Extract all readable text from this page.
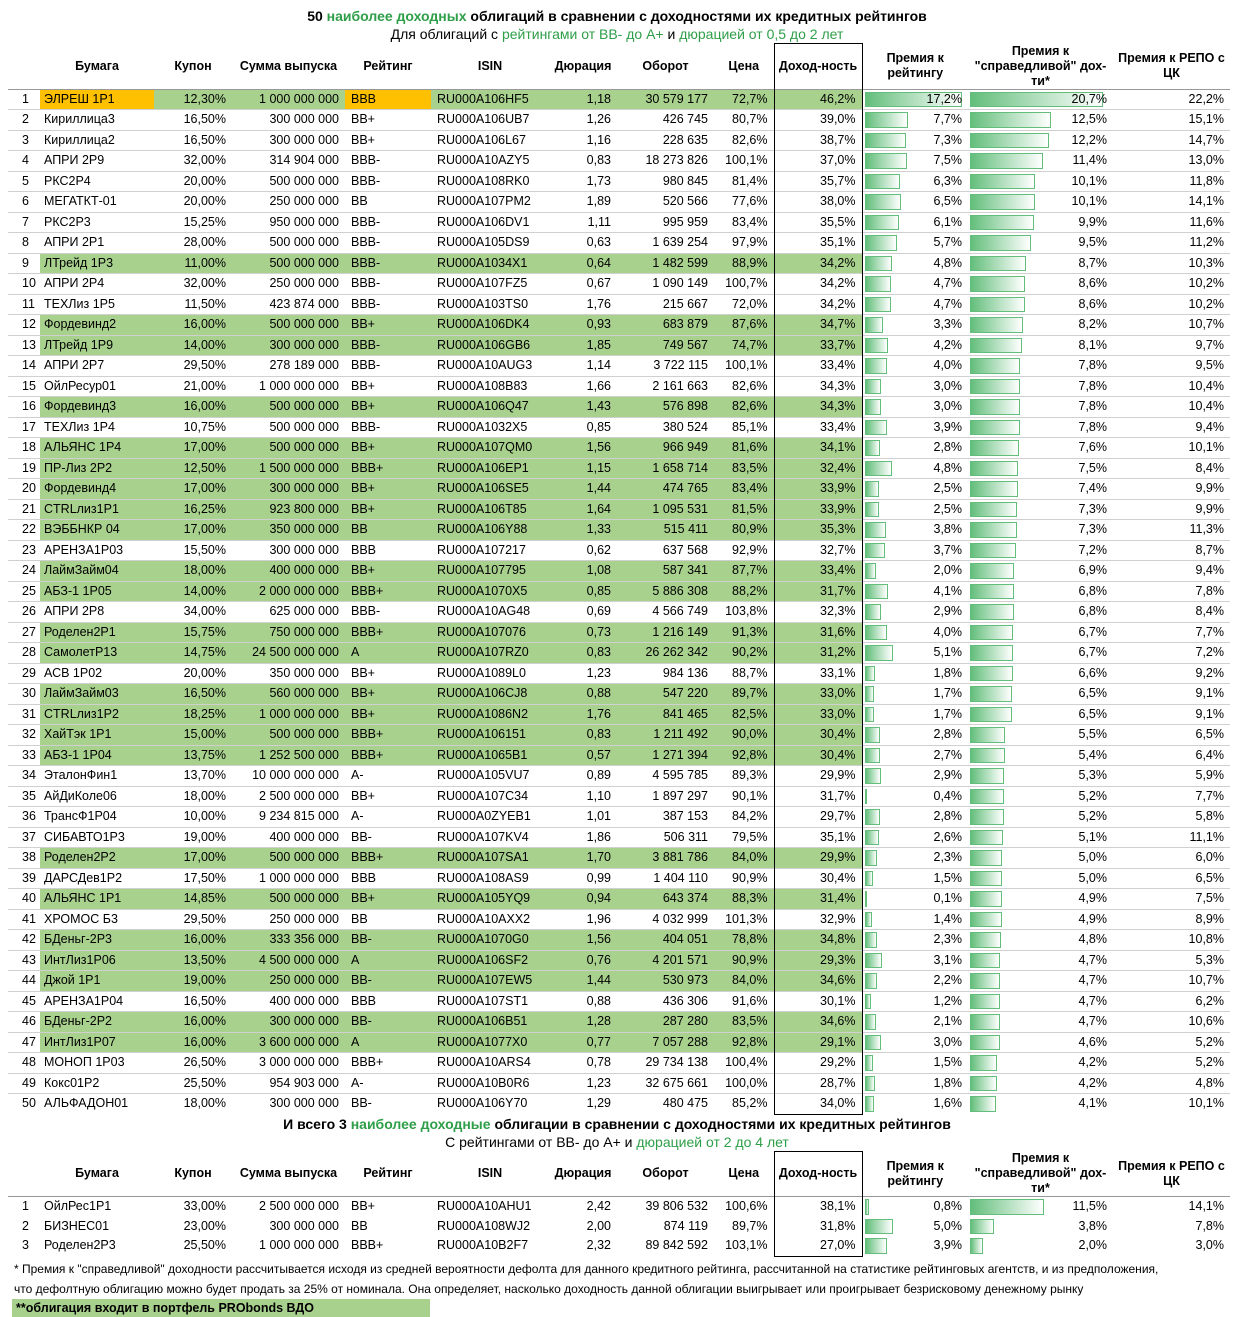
50 наиболее доходных облигаций в сравнении с доходностями их кредитных рейтингов
Для облигаций с рейтингами от ВВ- до А+ и дюрацией от 0,5 до 2 лет
	Бумага	Купон	Сумма выпуска	Рейтинг	ISIN	Дюрация	Оборот	Цена	Доход-ность	Премия к рейтингу	Премия к "справедливой" дох-ти*	Премия к РЕПО с ЦК
1	ЭЛРЕШ 1Р1	12,30%	1 000 000 000	BBB	RU000A106HF5	1,18	30 579 177	72,7%	46,2%	17,2%	20,7%	22,2%
2	Кириллица3	16,50%	300 000 000	BB+	RU000A106UB7	1,26	426 745	80,7%	39,0%	7,7%	12,5%	15,1%
3	Кириллица2	16,50%	300 000 000	BB+	RU000A106L67	1,16	228 635	82,6%	38,7%	7,3%	12,2%	14,7%
4	АПРИ 2Р9	32,00%	314 904 000	BBB-	RU000A10AZY5	0,83	18 273 826	100,1%	37,0%	7,5%	11,4%	13,0%
5	РКС2Р4	20,00%	500 000 000	BBB-	RU000A108RK0	1,73	980 845	81,4%	35,7%	6,3%	10,1%	11,8%
6	МЕГАТКТ-01	20,00%	250 000 000	BB	RU000A107PM2	1,89	520 566	77,6%	38,0%	6,5%	10,1%	14,1%
7	РКС2Р3	15,25%	950 000 000	BBB-	RU000A106DV1	1,11	995 959	83,4%	35,5%	6,1%	9,9%	11,6%
8	АПРИ 2Р1	28,00%	500 000 000	BBB-	RU000A105DS9	0,63	1 639 254	97,9%	35,1%	5,7%	9,5%	11,2%
9	ЛТрейд 1Р3	11,00%	500 000 000	BBB-	RU000A1034X1	0,64	1 482 599	88,9%	34,2%	4,8%	8,7%	10,3%
10	АПРИ 2Р4	32,00%	250 000 000	BBB-	RU000A107FZ5	0,67	1 090 149	100,7%	34,2%	4,7%	8,6%	10,2%
11	ТЕХЛиз 1Р5	11,50%	423 874 000	BBB-	RU000A103TS0	1,76	215 667	72,0%	34,2%	4,7%	8,6%	10,2%
12	Фордевинд2	16,00%	500 000 000	BB+	RU000A106DK4	0,93	683 879	87,6%	34,7%	3,3%	8,2%	10,7%
13	ЛТрейд 1Р9	14,00%	300 000 000	BBB-	RU000A106GB6	1,85	749 567	74,7%	33,7%	4,2%	8,1%	9,7%
14	АПРИ 2Р7	29,50%	278 189 000	BBB-	RU000A10AUG3	1,14	3 722 115	100,1%	33,4%	4,0%	7,8%	9,5%
15	ОйлРесур01	21,00%	1 000 000 000	BB+	RU000A108B83	1,66	2 161 663	82,6%	34,3%	3,0%	7,8%	10,4%
16	Фордевинд3	16,00%	500 000 000	BB+	RU000A106Q47	1,43	576 898	82,6%	34,3%	3,0%	7,8%	10,4%
17	ТЕХЛиз 1Р4	10,75%	500 000 000	BBB-	RU000A1032X5	0,85	380 524	85,1%	33,4%	3,9%	7,8%	9,4%
18	АЛЬЯНС 1Р4	17,00%	500 000 000	BB+	RU000A107QM0	1,56	966 949	81,6%	34,1%	2,8%	7,6%	10,1%
19	ПР-Лиз 2Р2	12,50%	1 500 000 000	BBB+	RU000A106EP1	1,15	1 658 714	83,5%	32,4%	4,8%	7,5%	8,4%
20	Фордевинд4	17,00%	300 000 000	BB+	RU000A106SE5	1,44	474 765	83,4%	33,9%	2,5%	7,4%	9,9%
21	CTRLлиз1Р1	16,25%	923 800 000	BB+	RU000A106T85	1,64	1 095 531	81,5%	33,9%	2,5%	7,3%	9,9%
22	ВЭББНКР 04	17,00%	350 000 000	BB	RU000A106Y88	1,33	515 411	80,9%	35,3%	3,8%	7,3%	11,3%
23	АРЕНЗА1Р03	15,50%	300 000 000	BBB	RU000A107217	0,62	637 568	92,9%	32,7%	3,7%	7,2%	8,7%
24	ЛаймЗайм04	18,00%	400 000 000	BB+	RU000A107795	1,08	587 341	87,7%	33,4%	2,0%	6,9%	9,4%
25	АБЗ-1 1Р05	14,00%	2 000 000 000	BBB+	RU000A1070X5	0,85	5 886 308	88,2%	31,7%	4,1%	6,8%	7,8%
26	АПРИ 2Р8	34,00%	625 000 000	BBB-	RU000A10AG48	0,69	4 566 749	103,8%	32,3%	2,9%	6,8%	8,4%
27	Роделен2Р1	15,75%	750 000 000	BBB+	RU000A107076	0,73	1 216 149	91,3%	31,6%	4,0%	6,7%	7,7%
28	СамолетР13	14,75%	24 500 000 000	A	RU000A107RZ0	0,83	26 262 342	90,2%	31,2%	5,1%	6,7%	7,2%
29	АСВ 1Р02	20,00%	350 000 000	BB+	RU000A1089L0	1,23	984 136	88,7%	33,1%	1,8%	6,6%	9,2%
30	ЛаймЗайм03	16,50%	560 000 000	BB+	RU000A106CJ8	0,88	547 220	89,7%	33,0%	1,7%	6,5%	9,1%
31	CTRLлиз1Р2	18,25%	1 000 000 000	BB+	RU000A1086N2	1,76	841 465	82,5%	33,0%	1,7%	6,5%	9,1%
32	ХайТэк 1Р1	15,00%	500 000 000	BBB+	RU000A106151	0,83	1 211 492	90,0%	30,4%	2,8%	5,5%	6,5%
33	АБЗ-1 1Р04	13,75%	1 252 500 000	BBB+	RU000A1065B1	0,57	1 271 394	92,8%	30,4%	2,7%	5,4%	6,4%
34	ЭталонФин1	13,70%	10 000 000 000	A-	RU000A105VU7	0,89	4 595 785	89,3%	29,9%	2,9%	5,3%	5,9%
35	АйДиКоле06	18,00%	2 500 000 000	BB+	RU000A107C34	1,10	1 897 297	90,1%	31,7%	0,4%	5,2%	7,7%
36	ТрансФ1Р04	10,00%	9 234 815 000	A-	RU000A0ZYEB1	1,01	387 153	84,2%	29,7%	2,8%	5,2%	5,8%
37	СИБАВТО1Р3	19,00%	400 000 000	BB-	RU000A107KV4	1,86	506 311	79,5%	35,1%	2,6%	5,1%	11,1%
38	Роделен2Р2	17,00%	500 000 000	BBB+	RU000A107SA1	1,70	3 881 786	84,0%	29,9%	2,3%	5,0%	6,0%
39	ДАРСДев1Р2	17,50%	1 000 000 000	BBB	RU000A108AS9	0,99	1 404 110	90,9%	30,4%	1,5%	5,0%	6,5%
40	АЛЬЯНС 1Р1	14,85%	500 000 000	BB+	RU000A105YQ9	0,94	643 374	88,3%	31,4%	0,1%	4,9%	7,5%
41	ХРОМОС Б3	29,50%	250 000 000	BB	RU000A10AXX2	1,96	4 032 999	101,3%	32,9%	1,4%	4,9%	8,9%
42	БДеньг-2Р3	16,00%	333 356 000	BB-	RU000A1070G0	1,56	404 051	78,8%	34,8%	2,3%	4,8%	10,8%
43	ИнтЛиз1Р06	13,50%	4 500 000 000	A	RU000A106SF2	0,76	4 201 571	90,9%	29,3%	3,1%	4,7%	5,3%
44	Джой 1Р1	19,00%	250 000 000	BB-	RU000A107EW5	1,44	530 973	84,0%	34,6%	2,2%	4,7%	10,7%
45	АРЕНЗА1Р04	16,50%	400 000 000	BBB	RU000A107ST1	0,88	436 306	91,6%	30,1%	1,2%	4,7%	6,2%
46	БДеньг-2Р2	16,00%	300 000 000	BB-	RU000A106B51	1,28	287 280	83,5%	34,6%	2,1%	4,7%	10,6%
47	ИнтЛиз1Р07	16,00%	3 600 000 000	A	RU000A1077X0	0,77	7 057 288	92,8%	29,1%	3,0%	4,6%	5,2%
48	МОНОП 1Р03	26,50%	3 000 000 000	BBB+	RU000A10ARS4	0,78	29 734 138	100,4%	29,2%	1,5%	4,2%	5,2%
49	Кокс01Р2	25,50%	954 903 000	A-	RU000A10B0R6	1,23	32 675 661	100,0%	28,7%	1,8%	4,2%	4,8%
50	АЛЬФАДОН01	18,00%	300 000 000	BB-	RU000A106Y70	1,29	480 475	85,2%	34,0%	1,6%	4,1%	10,1%
И всего 3 наиболее доходные облигации в сравнении с доходностями их кредитных рейтингов
С рейтингами от ВВ- до А+ и дюрацией от 2 до 4 лет
	Бумага	Купон	Сумма выпуска	Рейтинг	ISIN	Дюрация	Оборот	Цена	Доход-ность	Премия к рейтингу	Премия к "справедливой" дох-ти*	Премия к РЕПО с ЦК
1	ОйлРес1Р1	33,00%	2 500 000 000	BB+	RU000A10AHU1	2,42	39 806 532	100,6%	38,1%	0,8%	11,5%	14,1%
2	БИЗНЕС01	23,00%	300 000 000	BB	RU000A108WJ2	2,00	874 119	89,7%	31,8%	5,0%	3,8%	7,8%
3	Роделен2Р3	25,50%	1 000 000 000	BBB+	RU000A10B2F7	2,32	89 842 592	103,1%	27,0%	3,9%	2,0%	3,0%
* Премия к "справедливой" доходности рассчитывается исходя из средней вероятности дефолта для данного кредитного рейтинга, рассчитанной на статистике рейтинговых агентств, и из предположения,
что дефолтную облигацию можно будет продать за 25% от номинала. Она определяет, насколько доходность данной облигации выигрывает или проигрывает безрисковому денежному рынку
**облигация входит в портфель PRObonds ВДО
